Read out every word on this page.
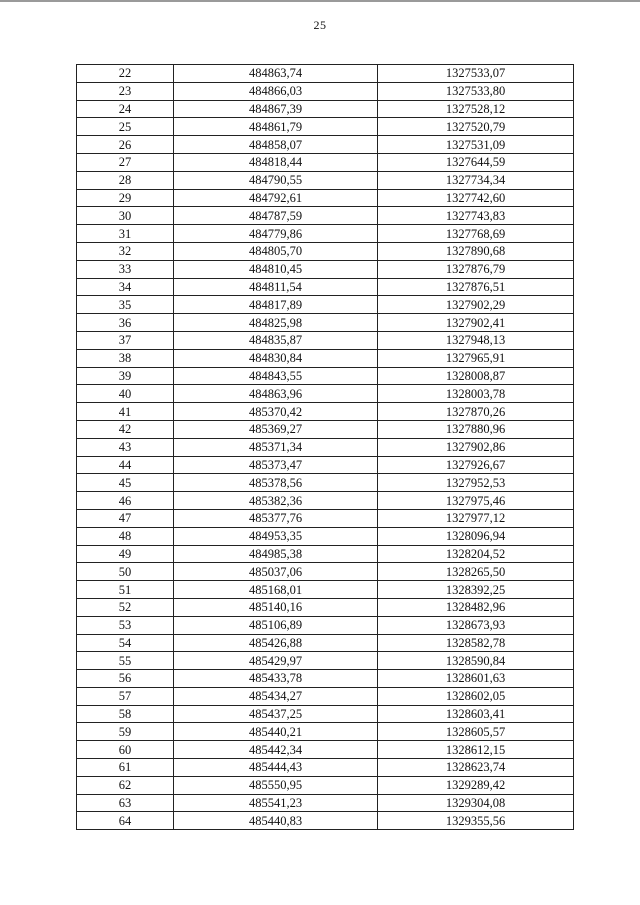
25
22	484863,74	1327533,07
23	484866,03	1327533,80
24	484867,39	1327528,12
25	484861,79	1327520,79
26	484858,07	1327531,09
27	484818,44	1327644,59
28	484790,55	1327734,34
29	484792,61	1327742,60
30	484787,59	1327743,83
31	484779,86	1327768,69
32	484805,70	1327890,68
33	484810,45	1327876,79
34	484811,54	1327876,51
35	484817,89	1327902,29
36	484825,98	1327902,41
37	484835,87	1327948,13
38	484830,84	1327965,91
39	484843,55	1328008,87
40	484863,96	1328003,78
41	485370,42	1327870,26
42	485369,27	1327880,96
43	485371,34	1327902,86
44	485373,47	1327926,67
45	485378,56	1327952,53
46	485382,36	1327975,46
47	485377,76	1327977,12
48	484953,35	1328096,94
49	484985,38	1328204,52
50	485037,06	1328265,50
51	485168,01	1328392,25
52	485140,16	1328482,96
53	485106,89	1328673,93
54	485426,88	1328582,78
55	485429,97	1328590,84
56	485433,78	1328601,63
57	485434,27	1328602,05
58	485437,25	1328603,41
59	485440,21	1328605,57
60	485442,34	1328612,15
61	485444,43	1328623,74
62	485550,95	1329289,42
63	485541,23	1329304,08
64	485440,83	1329355,56
